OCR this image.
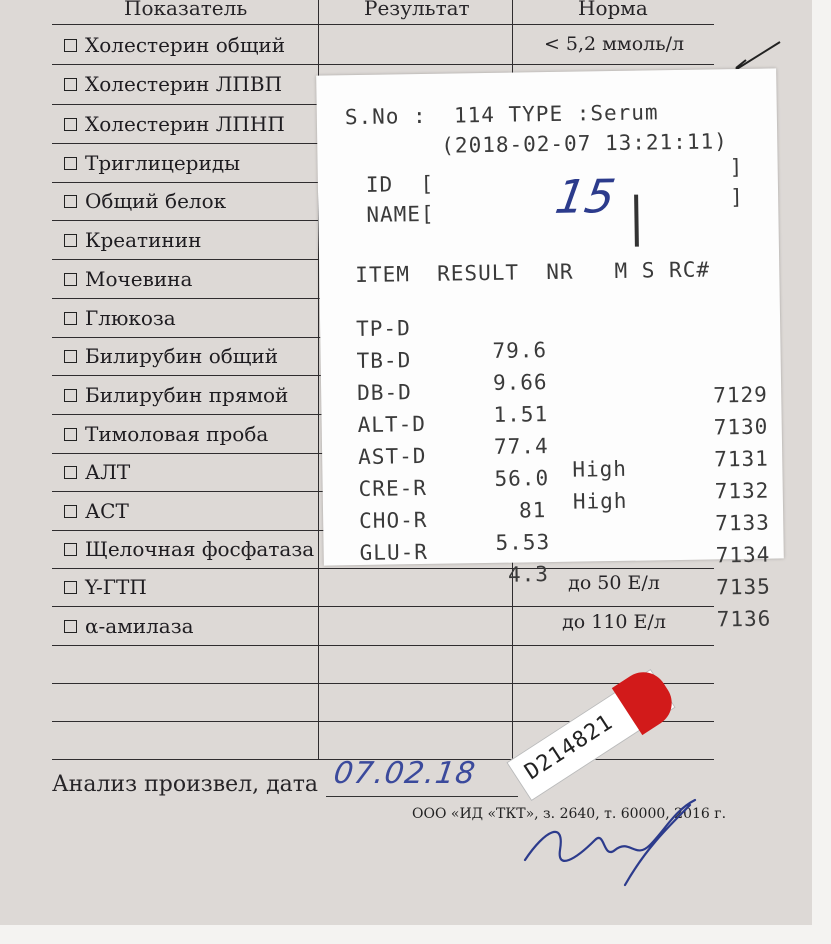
Показатель	Результат	Норма
Холестерин общий
Холестерин ЛПВП
Холестерин ЛПНП
Триглицериды
Общий белок
Креатинин
Мочевина
Глюкоза
Билирубин общий
Билирубин прямой
Тимоловая проба
АЛТ
АСТ
Щелочная фосфатаза
Y-ГТП
α-амилаза
< 5,2 ммоль/л
до 50 Е/л
до 110 Е/л
Анализ произвел, дата 07.02.18
ООО «ИД «ТКТ», з. 2640, т. 60000, 2016 г.
S.No :  114 TYPE :Serum
(2018-02-07 13:21:11)
ID  [
]
NAME[
]
15
ITEM  RESULT  NR   M S RC#

TP-D

79.6

7129

TB-D

9.66

7130

DB-D

1.51

7131

ALT-D

77.4

High

7132

AST-D

56.0

High

7133

CRE-R

81

7134

CHO-R

5.53

7135

GLU-R

4.3

7136

D214821
